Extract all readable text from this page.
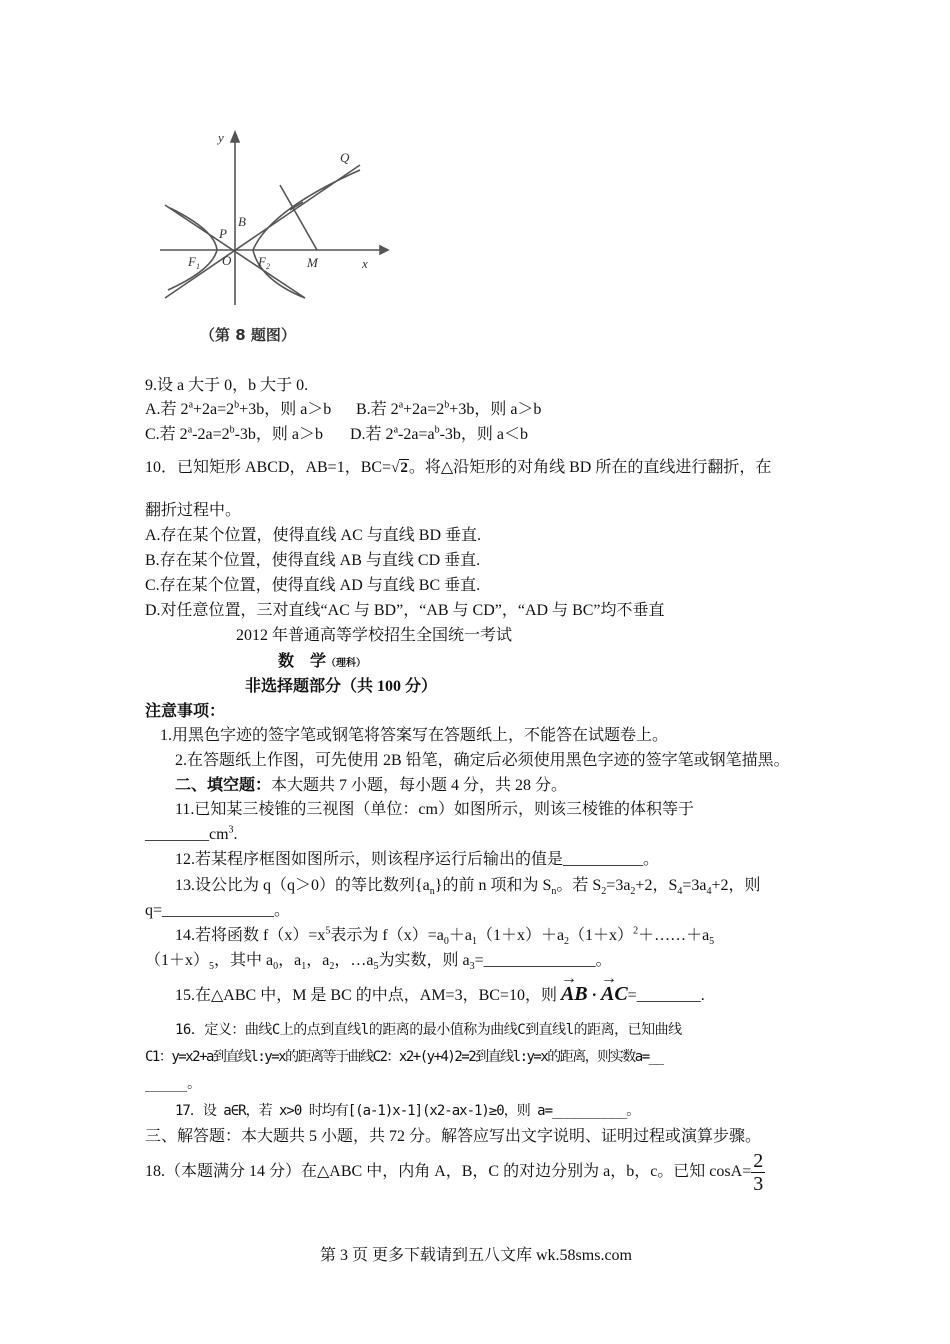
y
x
Q
B
P
O
$F_1$	$F_2$	M
（第 8 题图）
9.设 a 大于 0，b 大于 0.
A.若 $2^a+2a=2^b+3b$，则 a＞b B.若 $2^a+2a=2^b+3b$，则 a＞b
C.若 $2^a-2a=2^b-3b$，则 a＞b D.若 $2^a-2a=a^b-3b$，则 a＜b
10．已知矩形 ABCD，AB=1，BC=√2。将△沿矩形的对角线 BD 所在的直线进行翻折，在
翻折过程中。
A.存在某个位置，使得直线 AC 与直线 BD 垂直.
B.存在某个位置，使得直线 AB 与直线 CD 垂直.
C.存在某个位置，使得直线 AD 与直线 BC 垂直.
D.对任意位置，三对直线“AC 与 BD”，“AB 与 CD”，“AD 与 BC”均不垂直
2012 年普通高等学校招生全国统一考试
数　学（理科）
非选择题部分（共 100 分）
注意事项：
1.用黑色字迹的签字笔或钢笔将答案写在答题纸上，不能答在试题卷上。
2.在答题纸上作图，可先使用 2B 铅笔，确定后必须使用黑色字迹的签字笔或钢笔描黑。
二、填空题：本大题共 7 小题，每小题 4 分，共 28 分。
11.已知某三棱锥的三视图（单位：cm）如图所示，则该三棱锥的体积等于
$\_\_\_\_\_\_\_\_cm^3$.
12.若某程序框图如图所示，则该程序运行后输出的值是__________。
13.设公比为 q（q＞0）的等比数列$\{a_n\}$的前 n 项和为 $S_n$。若 $S_2=3a_2+2$，$S_4=3a_4+2$，则
q=______________。
14.若将函数 $f(x)=x^5$表示为 $f(x)=a_0+a_1(1+x)+a_2(1+x)^2+\dots\dots+a_5$
$(1+x)_5$，其中 $a_0$，$a_1$，$a_2$，$\dots a_5$为实数，则 $a_3=\_\_\_\_\_\_\_\_\_\_\_\_\_\_$。
15.在△ABC 中，M 是 BC 的中点，AM=3，BC=10，则 → AB · → AC=________.
16．定义：曲线C上的点到直线l的距离的最小值称为曲线C到直线l的距离，已知曲线
C1：y=x2+a到直线l:y=x的距离等于曲线C2：x2+(y+4)2=2到直线l:y=x的距离，则实数a=__
_____。
17．设 a∈R，若 x>0 时均有[(a-1)x-1](x2-ax-1)≥0，则 a=__________。
三、解答题：本大题共 5 小题，共 72 分。解答应写出文字说明、证明过程或演算步骤。
18.（本题满分 14 分）在△ABC 中，内角 A，B，C 的对边分别为 a，b，c。已知 $\cos A= \frac{2}{3}$
第 3 页 更多下载请到五八文库 wk.58sms.com
